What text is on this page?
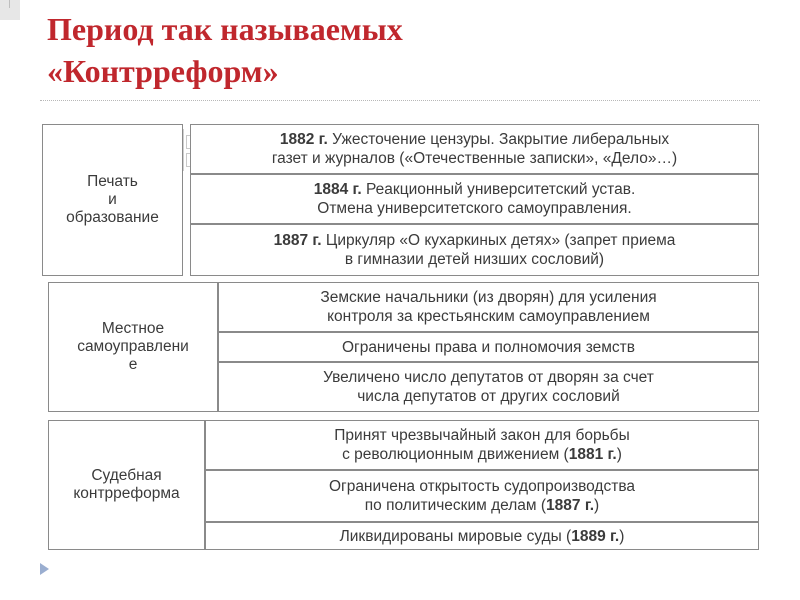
Период так называемых
«Контрреформ»
Печать
и
образование
1882 г. Ужесточение цензуры. Закрытие либеральных
газет и журналов («Отечественные записки», «Дело»…)
1884 г. Реакционный университетский устав.
Отмена университетского самоуправления.
1887 г. Циркуляр «О кухаркиных детях» (запрет приема
в гимназии детей низших сословий)
Местное
самоуправлени
е
Земские начальники (из дворян) для усиления
контроля за крестьянским самоуправлением
Ограничены права и полномочия земств
Увеличено число депутатов от дворян за счет
числа депутатов от других сословий
Судебная
контрреформа
Принят чрезвычайный закон для борьбы
с революционным движением (1881 г.)
Ограничена открытость судопроизводства
по политическим делам (1887 г.)
Ликвидированы мировые суды (1889 г.)
